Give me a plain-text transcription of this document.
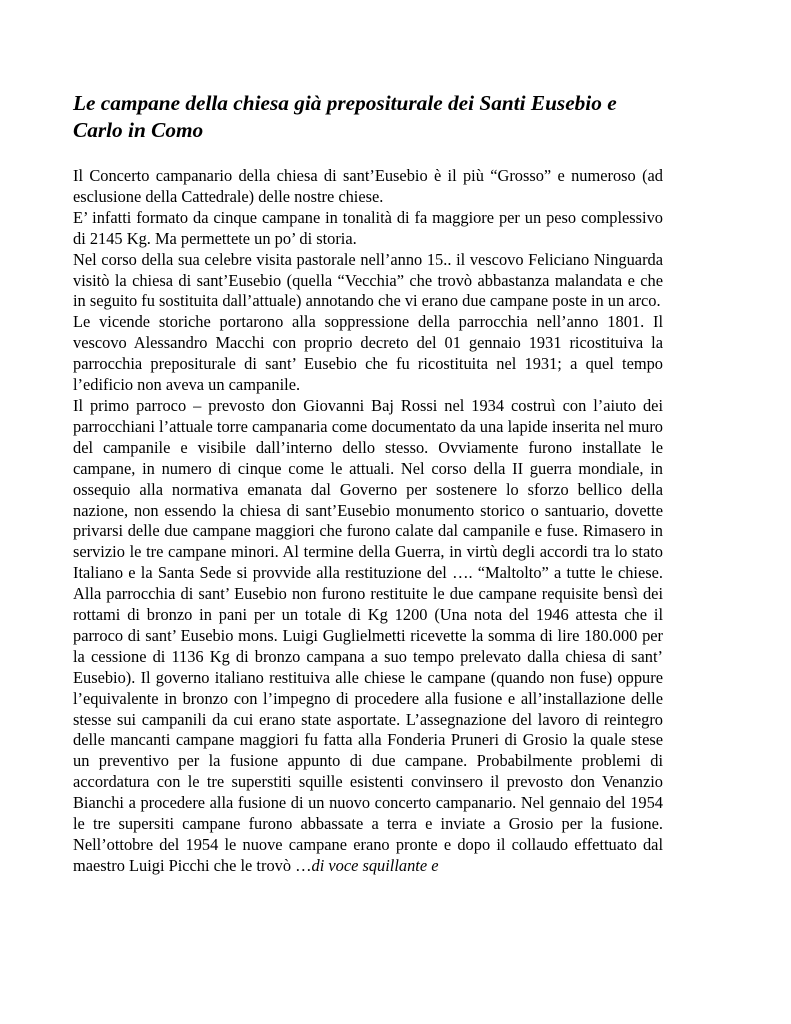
Le campane della chiesa già prepositurale dei Santi Eusebio e Carlo in Como

Il Concerto campanario della chiesa di sant’Eusebio è il più “Grosso” e numeroso (ad esclusione della Cattedrale) delle nostre chiese.

E’ infatti formato da cinque campane in tonalità di fa maggiore per un peso complessivo di 2145 Kg. Ma permettete un po’ di storia.

Nel corso della sua celebre visita pastorale nell’anno 15.. il vescovo Feliciano Ninguarda visitò la chiesa di sant’Eusebio (quella “Vecchia” che trovò abbastanza malandata e che in seguito fu sostituita dall’attuale) annotando che vi erano due campane poste in un arco.

Le vicende storiche portarono alla soppressione della parrocchia nell’anno 1801. Il vescovo Alessandro Macchi con proprio decreto del 01 gennaio 1931 ricostituiva la parrocchia prepositurale di sant’ Eusebio che fu ricostituita nel 1931; a quel tempo l’edificio non aveva un campanile.

Il primo parroco – prevosto don Giovanni Baj Rossi nel 1934 costruì con l’aiuto dei parrocchiani l’attuale torre campanaria come documentato da una lapide inserita nel muro del campanile e visibile dall’interno dello stesso. Ovviamente furono installate le campane, in numero di cinque come le attuali. Nel corso della II guerra mondiale, in ossequio alla normativa emanata dal Governo per sostenere lo sforzo bellico della nazione, non essendo la chiesa di sant’Eusebio monumento storico o santuario, dovette privarsi delle due campane maggiori che furono calate dal campanile e fuse. Rimasero in servizio le tre campane minori. Al termine della Guerra, in virtù degli accordi tra lo stato Italiano e la Santa Sede si provvide alla restituzione del …. “Maltolto” a tutte le chiese. Alla parrocchia di sant’ Eusebio non furono restituite le due campane requisite bensì dei rottami di bronzo in pani per un totale di Kg 1200 (Una nota del 1946 attesta che il parroco di sant’ Eusebio mons. Luigi Guglielmetti ricevette la somma di lire 180.000 per la cessione di 1136 Kg di bronzo campana a suo tempo prelevato dalla chiesa di sant’ Eusebio). Il governo italiano restituiva alle chiese le campane (quando non fuse) oppure l’equivalente in bronzo con l’impegno di procedere alla fusione e all’installazione delle stesse sui campanili da cui erano state asportate. L’assegnazione del lavoro di reintegro delle mancanti campane maggiori fu fatta alla Fonderia Pruneri di Grosio la quale stese un preventivo per la fusione appunto di due campane. Probabilmente problemi di accordatura con le tre superstiti squille esistenti convinsero il prevosto don Venanzio Bianchi a procedere alla fusione di un nuovo concerto campanario. Nel gennaio del 1954 le tre supersiti campane furono abbassate a terra e inviate a Grosio per la fusione. Nell’ottobre del 1954 le nuove campane erano pronte e dopo il collaudo effettuato dal maestro Luigi Picchi che le trovò …di voce squillante e
